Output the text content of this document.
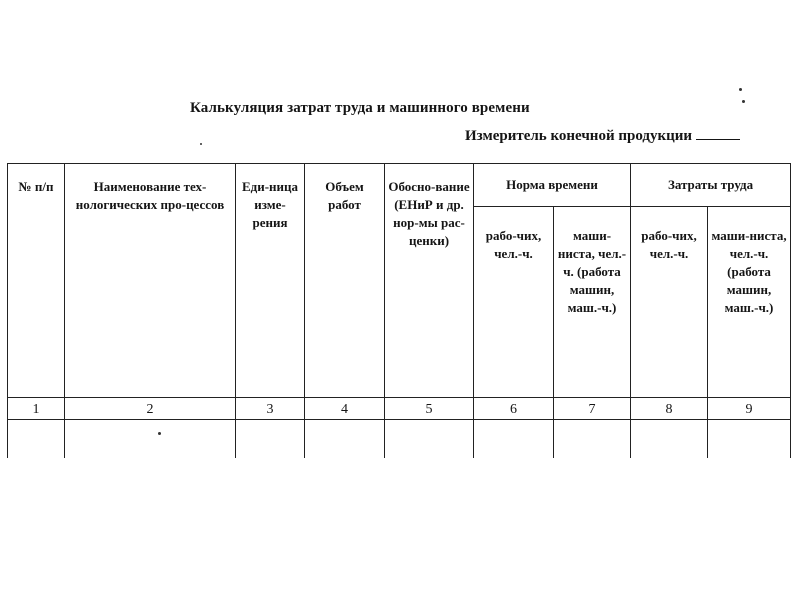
Калькуляция затрат труда и машинного времени
Измеритель конечной продукции
№ п/п	Наименование тех-нологических про-цессов	Еди-ница изме-рения	Объем работ	Обосно-вание (ЕНиР и др. нор-мы рас-ценки)	Норма времени		Затраты труда	
					рабо-чих, чел.-ч.	маши-ниста, чел.-ч. (работа машин, маш.-ч.)	рабо-чих, чел.-ч.	маши-ниста, чел.-ч. (работа машин, маш.-ч.)
1	2	3	4	5	6	7	8	9
